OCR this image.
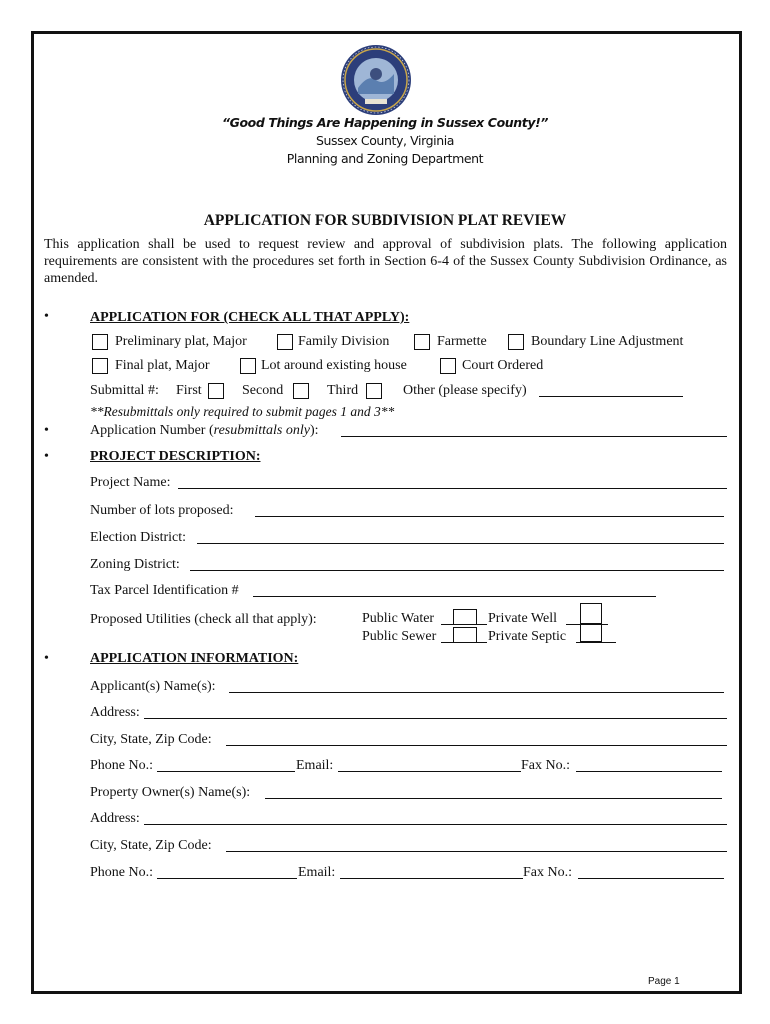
“Good Things Are Happening in Sussex County!”
Sussex County, Virginia
Planning and Zoning Department
APPLICATION FOR SUBDIVISION PLAT REVIEW
This application shall be used to request review and approval of subdivision plats. The following application requirements are consistent with the procedures set forth in Section 6-4 of the Sussex County Subdivision Ordinance, as amended.
•	APPLICATION FOR (CHECK ALL THAT APPLY):
Preliminary plat, Major	Family Division	Farmette	Boundary Line Adjustment
Final plat, Major	Lot around existing house	Court Ordered
Submittal #: First	Second	Third	Other (please specify)
**Resubmittals only required to submit pages 1 and 3**
•	Application Number (resubmittals only):
•	PROJECT DESCRIPTION:
Project Name:
Number of lots proposed:
Election District:
Zoning District:
Tax Parcel Identification #
Proposed Utilities (check all that apply):	Public Water	Private Well
Public Sewer	Private Septic
•	APPLICATION INFORMATION:
Applicant(s) Name(s):
Address:
City, State, Zip Code:
Phone No.:	Email:	Fax No.:
Property Owner(s) Name(s):
Address:
City, State, Zip Code:
Phone No.:	Email:	Fax No.:
Page 1
